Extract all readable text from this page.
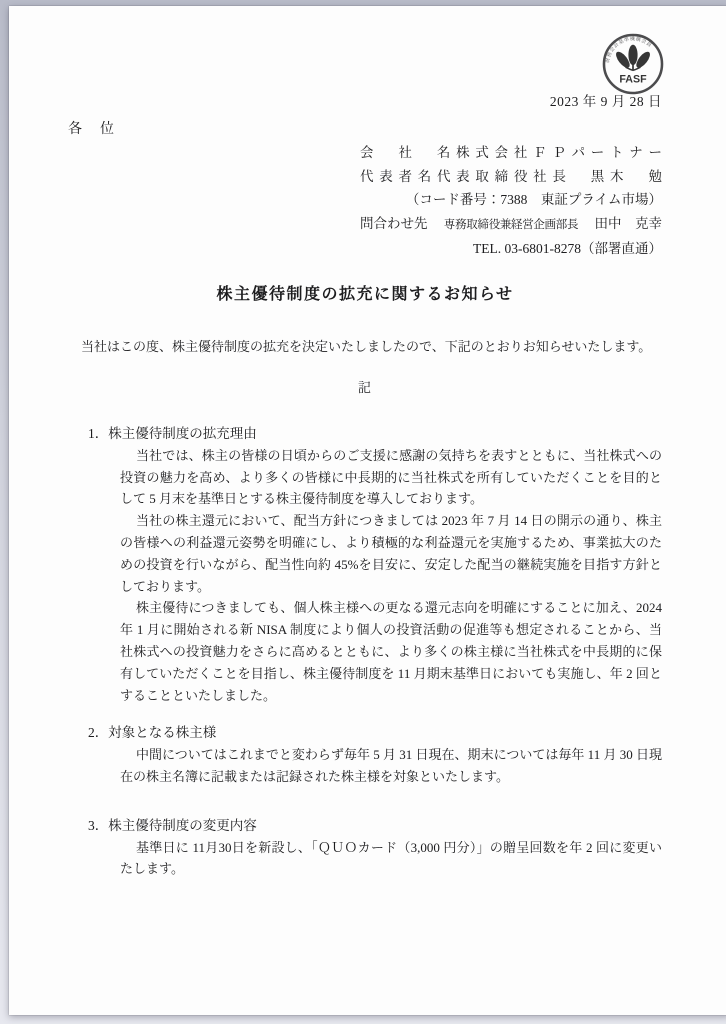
財務会計基準機構会員
FASF
2023 年 9 月 28 日
各　位
会　社　名株式会社ＦＰパートナー
代表者名代表取締役社長　黒木　勉
（コード番号：7388　東証プライム市場）
問合わせ先 専務取締役兼経営企画部長 田中　克幸
TEL. 03-6801-8278（部署直通）
株主優待制度の拡充に関するお知らせ
当社はこの度、株主優待制度の拡充を決定いたしましたので、下記のとおりお知らせいたします。
記
1．株主優待制度の拡充理由

当社では、株主の皆様の日頃からのご支援に感謝の気持ちを表すとともに、当社株式への投資の魅力を高め、より多くの皆様に中長期的に当社株式を所有していただくことを目的として 5 月末を基準日とする株主優待制度を導入しております。

当社の株主還元において、配当方針につきましては 2023 年 7 月 14 日の開示の通り、株主の皆様への利益還元姿勢を明確にし、より積極的な利益還元を実施するため、事業拡大のための投資を行いながら、配当性向約 45%を目安に、安定した配当の継続実施を目指す方針としております。

株主優待につきましても、個人株主様への更なる還元志向を明確にすることに加え、2024 年 1 月に開始される新 NISA 制度により個人の投資活動の促進等も想定されることから、当社株式への投資魅力をさらに高めるとともに、より多くの株主様に当社株式を中長期的に保有していただくことを目指し、株主優待制度を 11 月期末基準日においても実施し、年 2 回とすることといたしました。

2．対象となる株主様

中間についてはこれまでと変わらず毎年 5 月 31 日現在、期末については毎年 11 月 30 日現在の株主名簿に記載または記録された株主様を対象といたします。

3．株主優待制度の変更内容

基準日に 11月30日を新設し、「ＱＵＯカード（3,000 円分）」の贈呈回数を年 2 回に変更いたします。
